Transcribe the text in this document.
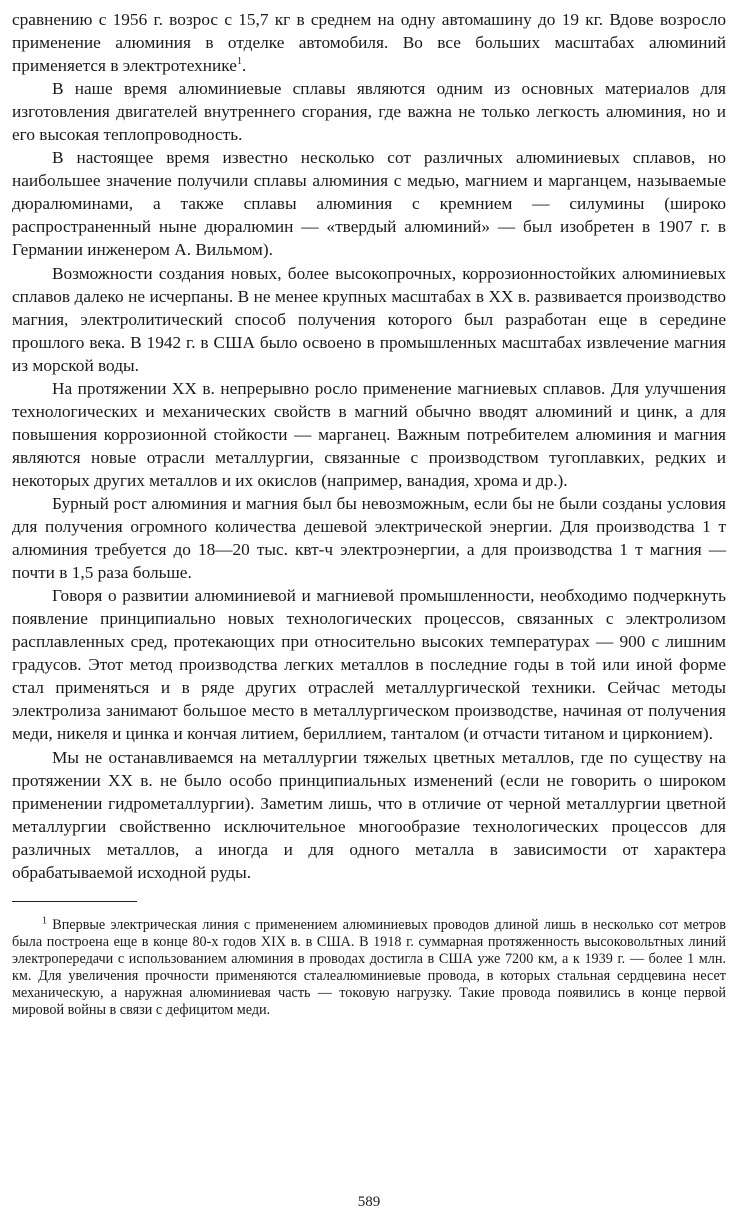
сравнению с 1956 г. возрос с 15,7 кг в среднем на одну автомашину до 19 кг. Вдове возросло применение алюминия в отделке автомобиля. Во все больших масштабах алюминий применяется в электротехнике$^1$.

В наше время алюминиевые сплавы являются одним из основных материалов для изготовления двигателей внутреннего сгорания, где важна не только легкость алюминия, но и его высокая теплопроводность.

В настоящее время известно несколько сот различных алюминиевых сплавов, но наибольшее значение получили сплавы алюминия с медью, магнием и марганцем, называемые дюралюминами, а также сплавы алюминия с кремнием — силумины (широко распространенный ныне дюралюмин — «твердый алюминий» — был изобретен в 1907 г. в Германии инженером А. Вильмом).

Возможности создания новых, более высокопрочных, коррозионностойких алюминиевых сплавов далеко не исчерпаны. В не менее крупных масштабах в XX в. развивается производство магния, электролитический способ получения которого был разработан еще в середине прошлого века. В 1942 г. в США было освоено в промышленных масштабах извлечение магния из морской воды.

На протяжении XX в. непрерывно росло применение магниевых сплавов. Для улучшения технологических и механических свойств в магний обычно вводят алюминий и цинк, а для повышения коррозионной стойкости — марганец. Важным потребителем алюминия и магния являются новые отрасли металлургии, связанные с производством тугоплавких, редких и некоторых других металлов и их окислов (например, ванадия, хрома и др.).

Бурный рост алюминия и магния был бы невозможным, если бы не были созданы условия для получения огромного количества дешевой электрической энергии. Для производства 1 т алюминия требуется до 18—20 тыс. квт-ч электроэнергии, а для производства 1 т магния — почти в 1,5 раза больше.

Говоря о развитии алюминиевой и магниевой промышленности, необходимо подчеркнуть появление принципиально новых технологических процессов, связанных с электролизом расплавленных сред, протекающих при относительно высоких температурах — 900 с лишним градусов. Этот метод производства легких металлов в последние годы в той или иной форме стал применяться и в ряде других отраслей металлургической техники. Сейчас методы электролиза занимают большое место в металлургическом производстве, начиная от получения меди, никеля и цинка и кончая литием, бериллием, танталом (и отчасти титаном и цирконием).

Мы не останавливаемся на металлургии тяжелых цветных металлов, где по существу на протяжении XX в. не было особо принципиальных изменений (если не говорить о широком применении гидрометаллургии). Заметим лишь, что в отличие от черной металлургии цветной металлургии свойственно исключительное многообразие технологических процессов для различных металлов, а иногда и для одного металла в зависимости от характера обрабатываемой исходной руды.

$^1$ Впервые электрическая линия с применением алюминиевых проводов длиной лишь в несколько сот метров была построена еще в конце 80-х годов XIX в. в США. В 1918 г. суммарная протяженность высоковольтных линий электропередачи с использованием алюминия в проводах достигла в США уже 7200 км, а к 1939 г. — более 1 млн. км. Для увеличения прочности применяются сталеалюминиевые провода, в которых стальная сердцевина несет механическую, а наружная алюминиевая часть — токовую нагрузку. Такие провода появились в конце первой мировой войны в связи с дефицитом меди.

589
